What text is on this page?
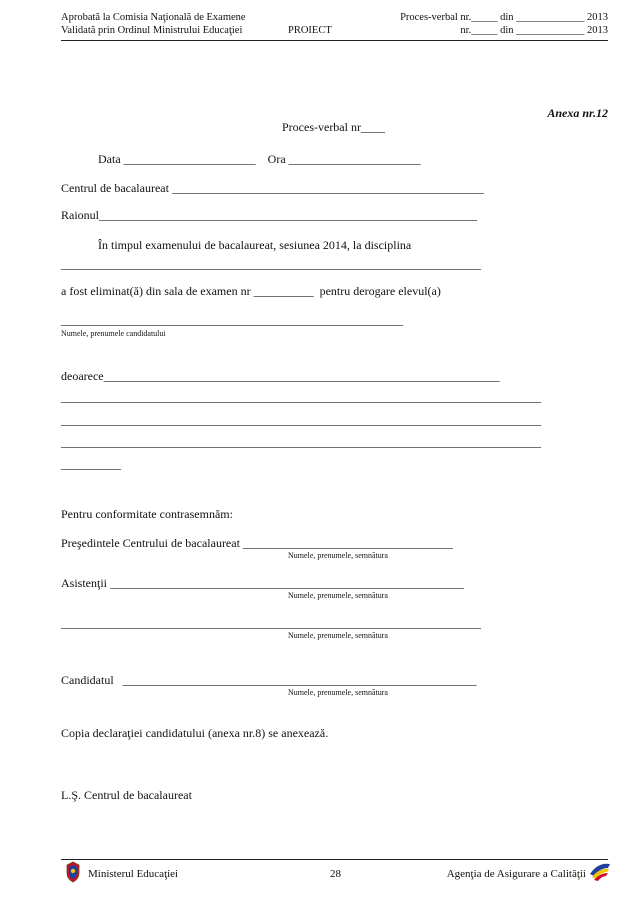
Aprobată la Comisia Naţională de Examene
Validată prin Ordinul Ministrului Educaţiei	PROIECT
Proces-verbal nr._____ din _____________ 2013
nr._____ din _____________ 2013
Anexa nr.12
Proces-verbal nr____
Data ______________________    Ora ______________________
Centrul de bacalaureat ____________________________________________________
Raionul_______________________________________________________________
În timpul examenului de bacalaureat, sesiunea 2014, la disciplina
______________________________________________________________________
a fost eliminat(ă) din sala de examen nr __________  pentru derogare elevul(a)
_________________________________________________________
Numele, prenumele candidatului
deoarece__________________________________________________________________
________________________________________________________________________________
________________________________________________________________________________
________________________________________________________________________________
__________
Pentru conformitate contrasemnăm:
Preşedintele Centrului de bacalaureat ___________________________________
Numele, prenumele, semnătura
Asistenţii ___________________________________________________________
Numele, prenumele, semnătura
______________________________________________________________________
Numele, prenumele, semnătura
Candidatul   ___________________________________________________________
Numele, prenumele, semnătura
Copia declaraţiei candidatului (anexa nr.8) se anexează.
L.Ş. Centrul de bacalaureat
Ministerul Educaţiei	28	Agenţia de Asigurare a Calităţii
